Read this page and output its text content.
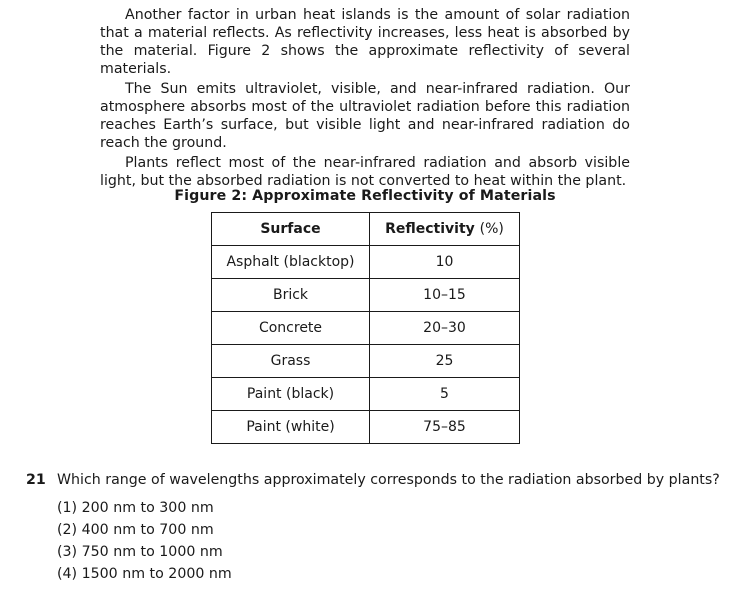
Another factor in urban heat islands is the amount of solar radiation that a material reflects. As reflectivity increases, less heat is absorbed by the material. Figure 2 shows the approximate reflectivity of several materials.

The Sun emits ultraviolet, visible, and near-infrared radiation. Our atmosphere absorbs most of the ultraviolet radiation before this radiation reaches Earth’s surface, but visible light and near-infrared radiation do reach the ground.

Plants reflect most of the near-infrared radiation and absorb visible light, but the absorbed radiation is not converted to heat within the plant.

Figure 2: Approximate Reflectivity of Materials
Surface	Reflectivity (%)
Asphalt (blacktop)	10
Brick	10–15
Concrete	20–30
Grass	25
Paint (black)	5
Paint (white)	75–85
21 Which range of wavelengths approximately corresponds to the radiation absorbed by plants?
(1) 200 nm to 300 nm
(2) 400 nm to 700 nm
(3) 750 nm to 1000 nm
(4) 1500 nm to 2000 nm
